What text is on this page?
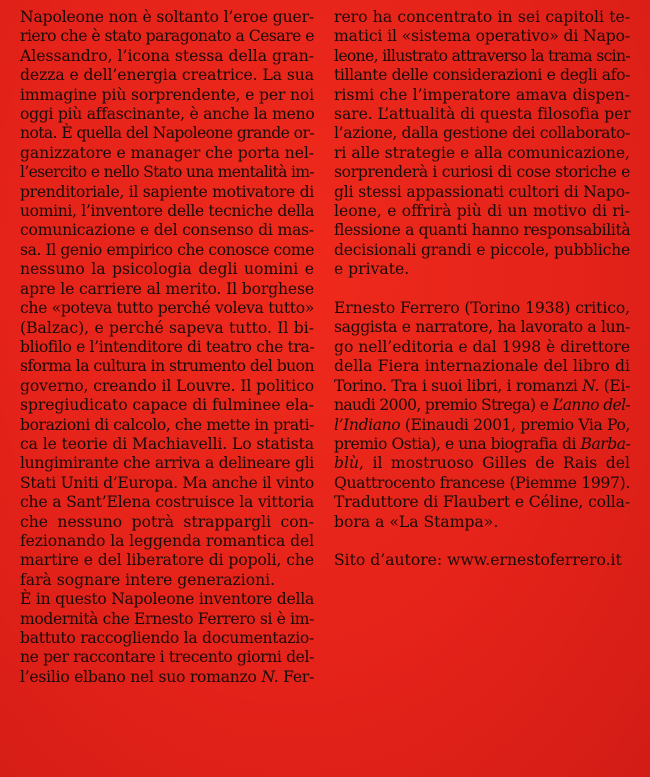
Napoleone non è soltanto l’eroe guer-
riero che è stato paragonato a Cesare e
Alessandro, l’icona stessa della gran-
dezza e dell’energia creatrice. La sua
immagine più sorprendente, e per noi
oggi più affascinante, è anche la meno
nota. È quella del Napoleone grande or-
ganizzatore e manager che porta nel-
l’esercito e nello Stato una mentalità im-
prenditoriale, il sapiente motivatore di
uomini, l’inventore delle tecniche della
comunicazione e del consenso di mas-
sa. Il genio empirico che conosce come
nessuno la psicologia degli uomini e
apre le carriere al merito. Il borghese
che «poteva tutto perché voleva tutto»
(Balzac), e perché sapeva tutto. Il bi-
bliofilo e l’intenditore di teatro che tra-
sforma la cultura in strumento del buon
governo, creando il Louvre. Il politico
spregiudicato capace di fulminee ela-
borazioni di calcolo, che mette in prati-
ca le teorie di Machiavelli. Lo statista
lungimirante che arriva a delineare gli
Stati Uniti d’Europa. Ma anche il vinto
che a Sant’Elena costruisce la vittoria
che nessuno potrà strappargli con-
fezionando la leggenda romantica del
martire e del liberatore di popoli, che
farà sognare intere generazioni.
È in questo Napoleone inventore della
modernità che Ernesto Ferrero si è im-
battuto raccogliendo la documentazio-
ne per raccontare i trecento giorni del-
l’esilio elbano nel suo romanzo N. Fer-
rero ha concentrato in sei capitoli te-
matici il «sistema operativo» di Napo-
leone, illustrato attraverso la trama scin-
tillante delle considerazioni e degli afo-
rismi che l’imperatore amava dispen-
sare. L’attualità di questa filosofia per
l’azione, dalla gestione dei collaborato-
ri alle strategie e alla comunicazione,
sorprenderà i curiosi di cose storiche e
gli stessi appassionati cultori di Napo-
leone, e offrirà più di un motivo di ri-
flessione a quanti hanno responsabilità
decisionali grandi e piccole, pubbliche
e private.
Ernesto Ferrero (Torino 1938) critico,
saggista e narratore, ha lavorato a lun-
go nell’editoria e dal 1998 è direttore
della Fiera internazionale del libro di
Torino. Tra i suoi libri, i romanzi N. (Ei-
naudi 2000, premio Strega) e L’anno del-
l’Indiano (Einaudi 2001, premio Via Po,
premio Ostia), e una biografia di Barba-
blù, il mostruoso Gilles de Rais del
Quattrocento francese (Piemme 1997).
Traduttore di Flaubert e Céline, colla-
bora a «La Stampa».
Sito d’autore: www.ernestoferrero.it
